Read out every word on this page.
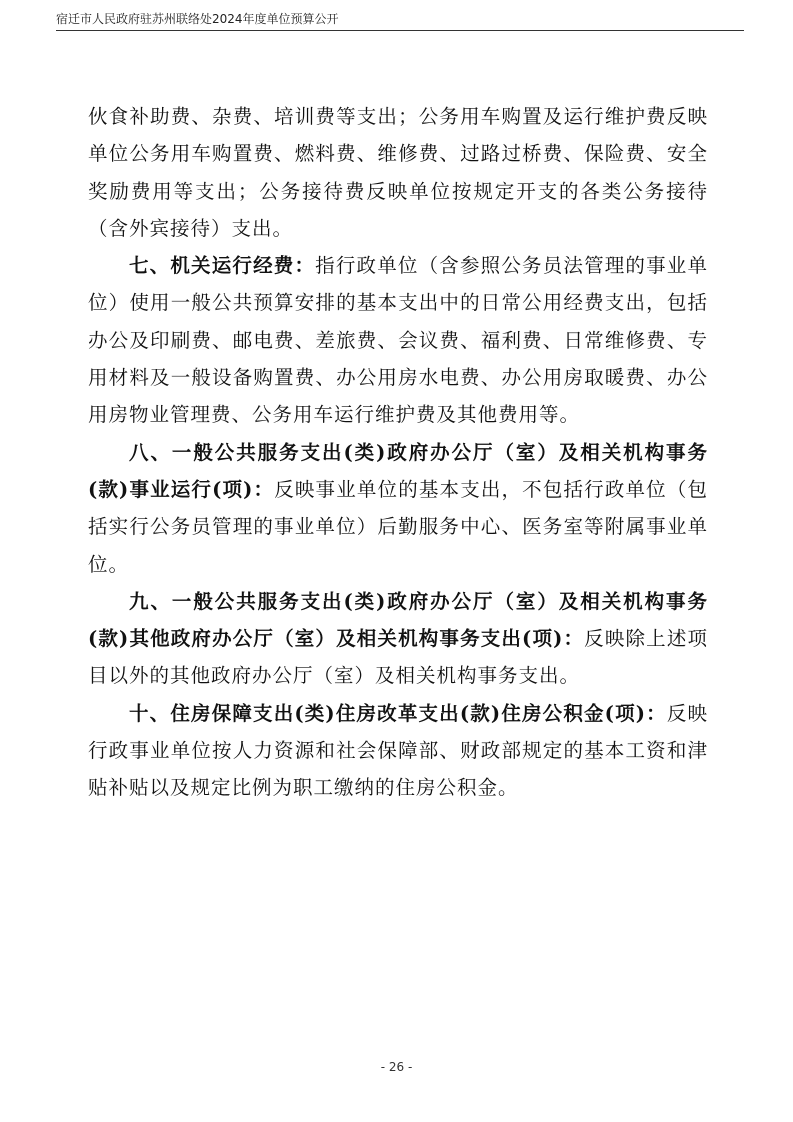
宿迁市人民政府驻苏州联络处2024年度单位预算公开

伙食补助费、杂费、培训费等支出；公务用车购置及运行维护费反映单位公务用车购置费、燃料费、维修费、过路过桥费、保险费、安全奖励费用等支出；公务接待费反映单位按规定开支的各类公务接待（含外宾接待）支出。

七、机关运行经费：指行政单位（含参照公务员法管理的事业单位）使用一般公共预算安排的基本支出中的日常公用经费支出，包括办公及印刷费、邮电费、差旅费、会议费、福利费、日常维修费、专用材料及一般设备购置费、办公用房水电费、办公用房取暖费、办公用房物业管理费、公务用车运行维护费及其他费用等。

八、一般公共服务支出(类)政府办公厅（室）及相关机构事务(款)事业运行(项)：反映事业单位的基本支出，不包括行政单位（包括实行公务员管理的事业单位）后勤服务中心、医务室等附属事业单位。

九、一般公共服务支出(类)政府办公厅（室）及相关机构事务(款)其他政府办公厅（室）及相关机构事务支出(项)：反映除上述项目以外的其他政府办公厅（室）及相关机构事务支出。

十、住房保障支出(类)住房改革支出(款)住房公积金(项)：反映行政事业单位按人力资源和社会保障部、财政部规定的基本工资和津贴补贴以及规定比例为职工缴纳的住房公积金。

- 26 -
